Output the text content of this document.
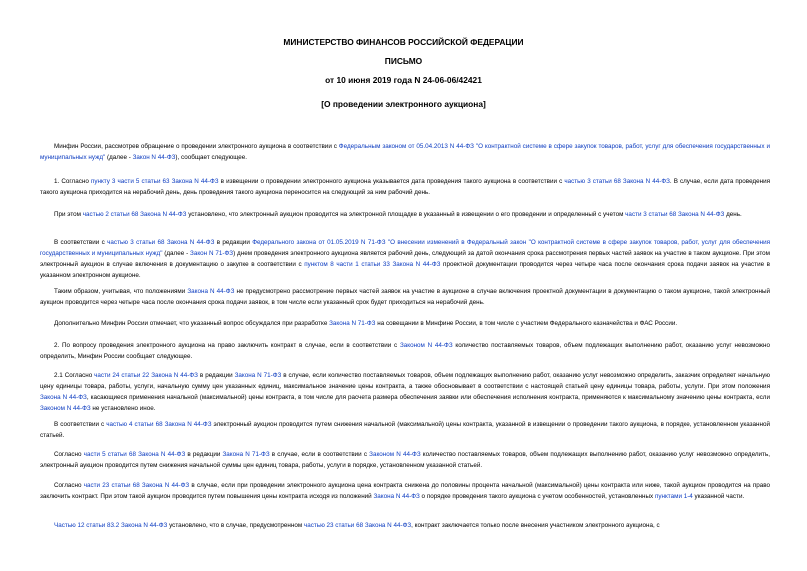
МИНИСТЕРСТВО ФИНАНСОВ РОССИЙСКОЙ ФЕДЕРАЦИИ
ПИСЬМО
от 10 июня 2019 года N 24-06-06/42421
[О проведении электронного аукциона]
Минфин России, рассмотрев обращение о проведении электронного аукциона в соответствии с Федеральным законом от 05.04.2013 N 44-ФЗ "О контрактной системе в сфере закупок товаров, работ, услуг для обеспечения государственных и муниципальных нужд" (далее - Закон N 44-ФЗ), сообщает следующее.
1. Согласно пункту 3 части 5 статьи 63 Закона N 44-ФЗ в извещении о проведении электронного аукциона указывается дата проведения такого аукциона в соответствии с частью 3 статьи 68 Закона N 44-ФЗ. В случае, если дата проведения такого аукциона приходится на нерабочий день, день проведения такого аукциона переносится на следующий за ним рабочий день.
При этом частью 2 статьи 68 Закона N 44-ФЗ установлено, что электронный аукцион проводится на электронной площадке в указанный в извещении о его проведении и определенный с учетом части 3 статьи 68 Закона N 44-ФЗ день.
В соответствии с частью 3 статьи 68 Закона N 44-ФЗ в редакции Федерального закона от 01.05.2019 N 71-ФЗ "О внесении изменений в Федеральный закон "О контрактной системе в сфере закупок товаров, работ, услуг для обеспечения государственных и муниципальных нужд" (далее - Закон N 71-ФЗ) днем проведения электронного аукциона является рабочий день, следующий за датой окончания срока рассмотрения первых частей заявок на участие в таком аукционе. При этом электронный аукцион в случае включения в документацию о закупке в соответствии с пунктом 8 части 1 статьи 33 Закона N 44-ФЗ проектной документации проводится через четыре часа после окончания срока подачи заявок на участие в указанном электронном аукционе.
Таким образом, учитывая, что положениями Закона N 44-ФЗ не предусмотрено рассмотрение первых частей заявок на участие в аукционе в случае включения проектной документации в документацию о таком аукционе, такой электронный аукцион проводится через четыре часа после окончания срока подачи заявок, в том числе если указанный срок будет приходиться на нерабочий день.
Дополнительно Минфин России отмечает, что указанный вопрос обсуждался при разработке Закона N 71-ФЗ на совещании в Минфине России, в том числе с участием Федерального казначейства и ФАС России.
2. По вопросу проведения электронного аукциона на право заключить контракт в случае, если в соответствии с Законом N 44-ФЗ количество поставляемых товаров, объем подлежащих выполнению работ, оказанию услуг невозможно определить, Минфин России сообщает следующее.
2.1 Согласно части 24 статьи 22 Закона N 44-ФЗ в редакции Закона N 71-ФЗ в случае, если количество поставляемых товаров, объем подлежащих выполнению работ, оказанию услуг невозможно определить, заказчик определяет начальную цену единицы товара, работы, услуги, начальную сумму цен указанных единиц, максимальное значение цены контракта, а также обосновывает в соответствии с настоящей статьей цену единицы товара, работы, услуги. При этом положения Закона N 44-ФЗ, касающиеся применения начальной (максимальной) цены контракта, в том числе для расчета размера обеспечения заявки или обеспечения исполнения контракта, применяются к максимальному значению цены контракта, если Законом N 44-ФЗ не установлено иное.
В соответствии с частью 4 статьи 68 Закона N 44-ФЗ электронный аукцион проводится путем снижения начальной (максимальной) цены контракта, указанной в извещении о проведении такого аукциона, в порядке, установленном указанной статьей.
Согласно части 5 статьи 68 Закона N 44-ФЗ в редакции Закона N 71-ФЗ в случае, если в соответствии с Законом N 44-ФЗ количество поставляемых товаров, объем подлежащих выполнению работ, оказанию услуг невозможно определить, электронный аукцион проводится путем снижения начальной суммы цен единиц товара, работы, услуги в порядке, установленном указанной статьей.
Согласно части 23 статьи 68 Закона N 44-ФЗ в случае, если при проведении электронного аукциона цена контракта снижена до половины процента начальной (максимальной) цены контракта или ниже, такой аукцион проводится на право заключить контракт. При этом такой аукцион проводится путем повышения цены контракта исходя из положений Закона N 44-ФЗ о порядке проведения такого аукциона с учетом особенностей, установленных пунктами 1-4 указанной части.
Частью 12 статьи 83.2 Закона N 44-ФЗ установлено, что в случае, предусмотренном частью 23 статьи 68 Закона N 44-ФЗ, контракт заключается только после внесения участником электронного аукциона, с
